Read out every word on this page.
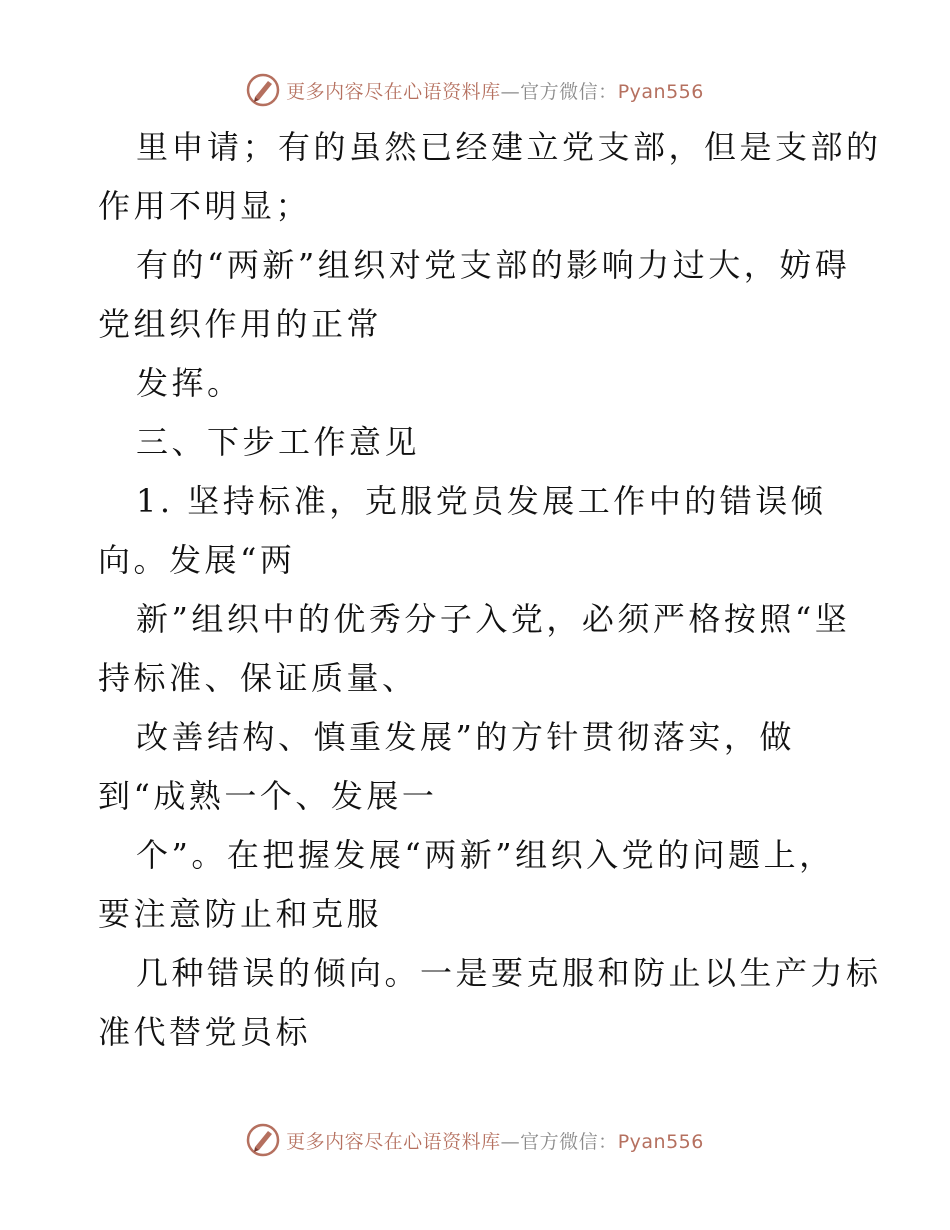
更多内容尽在心语资料库—官方微信：Pyan556
里申请；有的虽然已经建立党支部，但是支部的
作用不明显；
有的“两新”组织对党支部的影响力过大，妨碍
党组织作用的正常
发挥。
三、下步工作意见
1. 坚持标准，克服党员发展工作中的错误倾
向。发展“两
新”组织中的优秀分子入党，必须严格按照“坚
持标准、保证质量、
改善结构、慎重发展”的方针贯彻落实，做
到“成熟一个、发展一
个”。在把握发展“两新”组织入党的问题上，
要注意防止和克服
几种错误的倾向。一是要克服和防止以生产力标
准代替党员标
更多内容尽在心语资料库—官方微信：Pyan556
